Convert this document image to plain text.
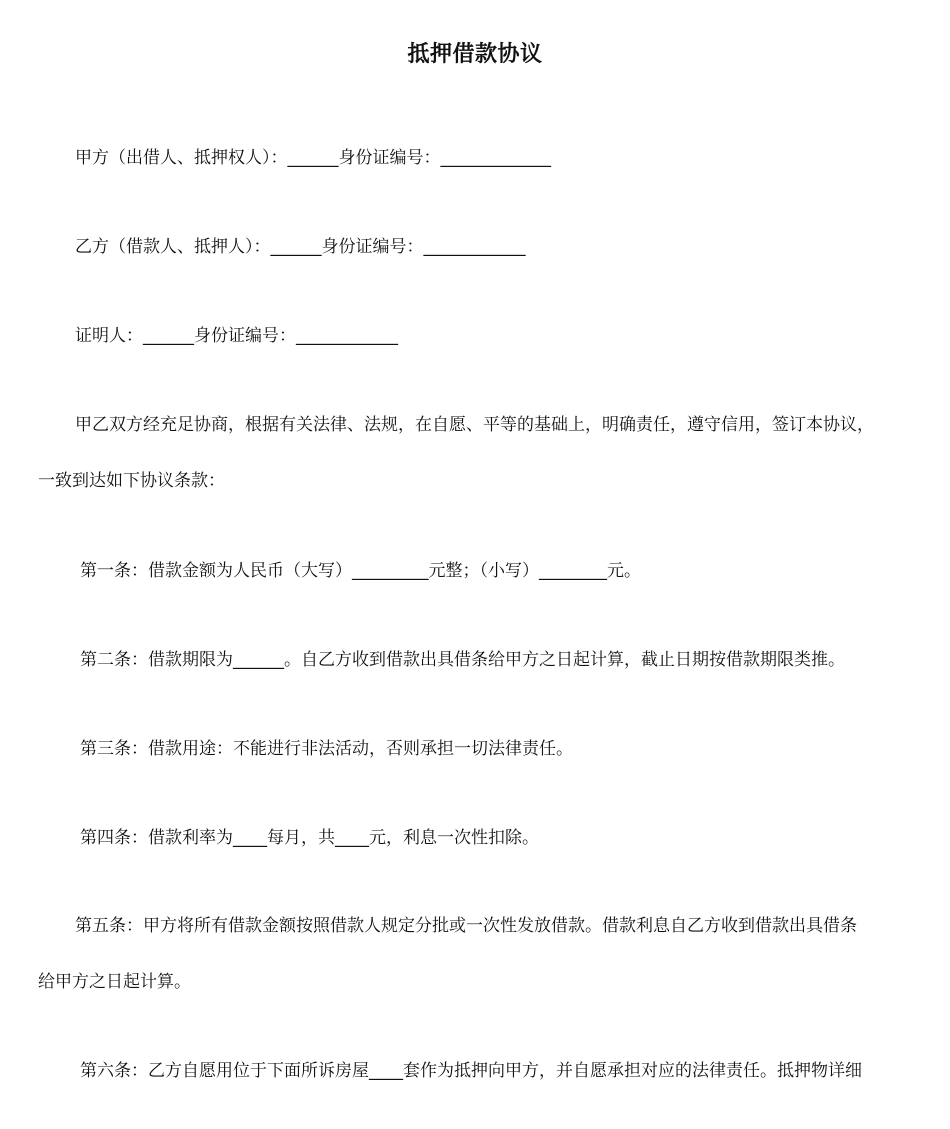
抵押借款协议

甲方（出借人、抵押权人）：______身份证编号：_____________

乙方（借款人、抵押人）：______身份证编号：____________

证明人：______身份证编号：____________

甲乙双方经充足协商，根据有关法律、法规，在自愿、平等的基础上，明确责任，遵守信用，签订本协议，

一致到达如下协议条款：

第一条：借款金额为人民币（大写）_________元整；（小写）________元。

第二条：借款期限为______。自乙方收到借款出具借条给甲方之日起计算，截止日期按借款期限类推。

第三条：借款用途：不能进行非法活动，否则承担一切法律责任。

第四条：借款利率为____每月，共____元，利息一次性扣除。

第五条：甲方将所有借款金额按照借款人规定分批或一次性发放借款。借款利息自乙方收到借款出具借条

给甲方之日起计算。

第六条：乙方自愿用位于下面所诉房屋____套作为抵押向甲方，并自愿承担对应的法律责任。抵押物详细
